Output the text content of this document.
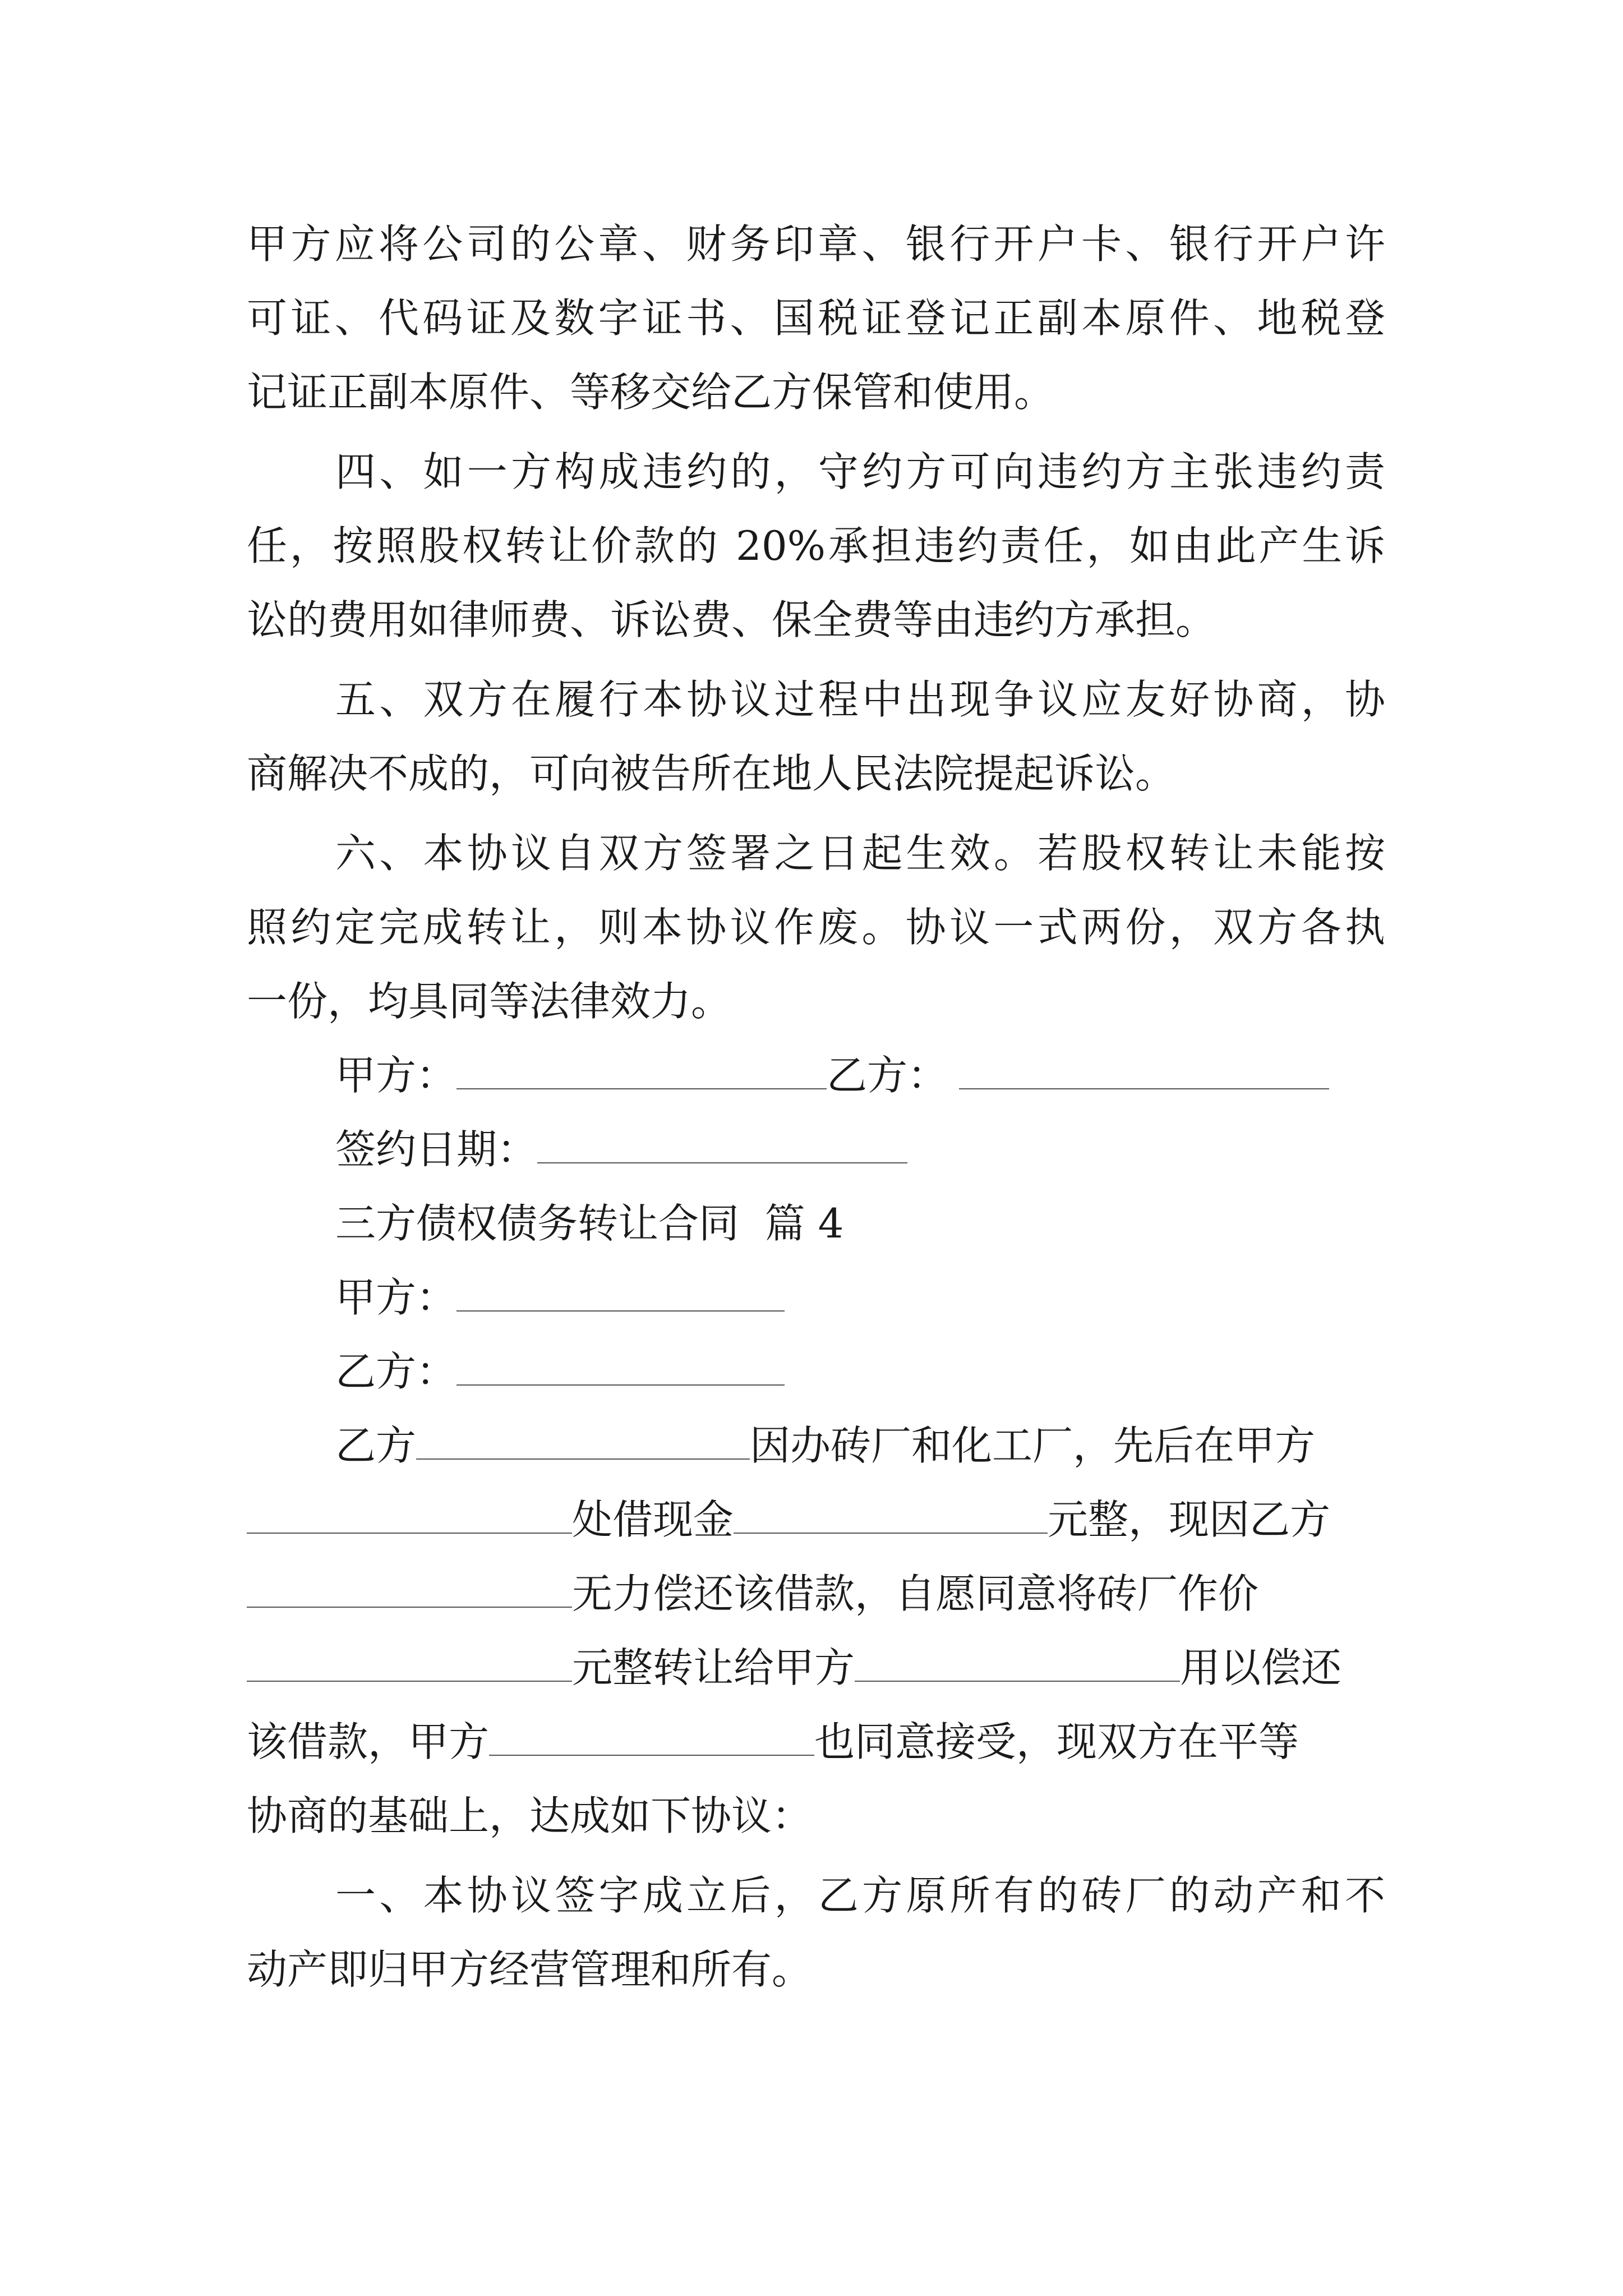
甲方应将公司的公章、财务印章、银行开户卡、银行开户许
可证、代码证及数字证书、国税证登记正副本原件、地税登
记证正副本原件、等移交给乙方保管和使用。
四、如一方构成违约的，守约方可向违约方主张违约责
任，按照股权转让价款的 20%承担违约责任，如由此产生诉
讼的费用如律师费、诉讼费、保全费等由违约方承担。
五、双方在履行本协议过程中出现争议应友好协商，协
商解决不成的，可向被告所在地人民法院提起诉讼。
六、本协议自双方签署之日起生效。若股权转让未能按
照约定完成转让，则本协议作废。协议一式两份，双方各执
一份，均具同等法律效力。
甲方：	乙方：
签约日期：
三方债权债务转让合同  篇 4
甲方：
乙方：
乙方	因办砖厂和化工厂，先后在甲方
处借现金	元整，现因乙方
无力偿还该借款，自愿同意将砖厂作价
元整转让给甲方	用以偿还
该借款，甲方	也同意接受，现双方在平等
协商的基础上，达成如下协议：
一、本协议签字成立后，乙方原所有的砖厂的动产和不
动产即归甲方经营管理和所有。
